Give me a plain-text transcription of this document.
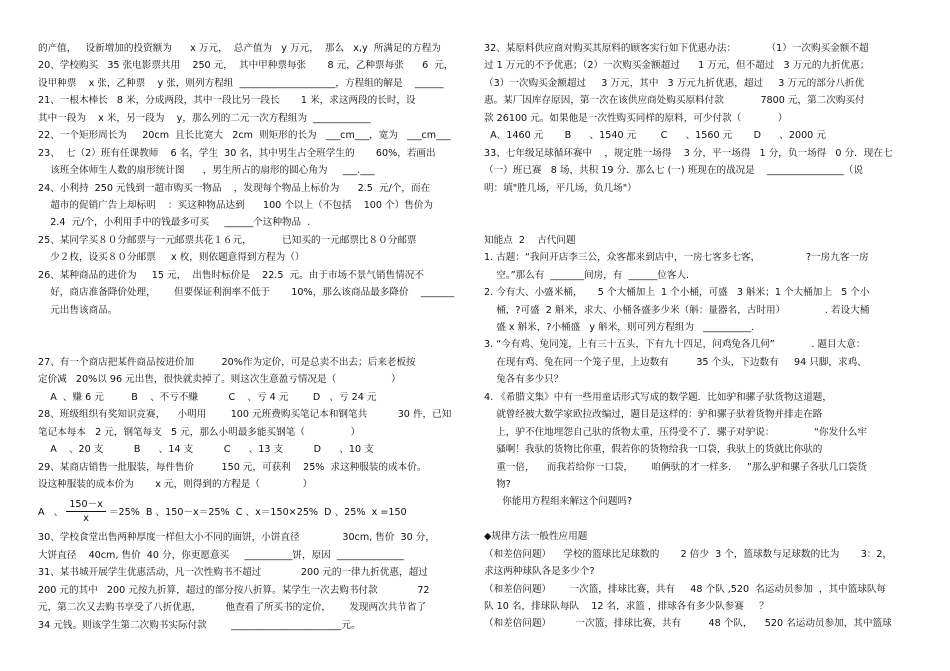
的产值，   设新增加的投资额为      x 万元，  总产值为   y 万元，  那么   x,y  所满足的方程为
20、学校购买   35 张电影票共用    250 元，  其中甲种票每张       8 元，乙种票每张      6  元，
设甲种票    x 张，乙种票    y 张，则列方程组  ____________________，方程组的解是    ______
21、一根木棒长   8 米，分成两段，其中一段比另一段长       1 米，求这两段的长时，设
其中一段为    x 米，另一段为    y，那么列的二元一次方程组为  ____________
22、一个矩形周长为     20cm  且长比宽大   2cm  则矩形的长为   ___cm___，宽为   ___cm___
23、  七（2）班有任课教师    6 名，学生  30 名，其中男生占全班学生的       60%，若画出
该班全体师生人数的扇形统计图      ，男生所占的扇形的圆心角为     ___.___
24、小利持  250 元钱到一超市购买一物品    ，发现每个物品上标价为      2.5  元/个，而在
超市的促销广告上却标明    ：买这种物品达到      100 个以上（不包括    100 个）售价为
2.4  元/个，小利用手中的钱最多可买     ______个这种物品  .
25、某同学买８０分邮票与一元邮票共花１６元，          已知买的一元邮票比８０分邮票
少２枚，设买８０分邮票     x 枚，则依题意得到方程为（）
26、某种商品的进价为     15 元，  出售时标价是    22.5  元。由于市场不景气销售情况不
好，商店准备降价处理，      但要保证利润率不低于       10%，那么该商品最多降价    _______
元出售该商品。
27、有一个商店把某件商品按进价加         20%作为定价，可是总卖不出去；后来老板按
定价减   20%以 96 元出售，很快就卖掉了。则这次生意盈亏情况是（                  ）
A  、赚 6 元         B    、不亏不赚          C    、亏 4 元        D   、亏 24 元
28、班级组织有奖知识竞赛，    小明用        100 元班费购买笔记本和钢笔共          30 件，已知
笔记本每本   2 元，钢笔每支   5 元，那么小明最多能买钢笔（               ）
A    、20 支          B      、14 支          C      、13 支          D      、10 支
29、某商店销售一批服装，每件售价         150 元，可获利    25%  求这种服装的成本价。
设这种服装的成本价为       x 元，则得到的方程是（              ）
A   、 $\frac{150-x}{x} =25\%$  B 、150－x＝25%  C 、x＝150×25%  D 、25%  x =150
30、学校食堂出售两种厚度一样但大小不同的面饼，小饼直径              30cm, 售价  30 分，
大饼直径    40cm, 售价  40 分，你更愿意买     __________饼，原因  ______________
31、某书城开展学生优惠活动，凡一次性购书不超过             200 元的一律九折优惠，超过
200 元的其中   200 元按九折算，超过的部分按八折算。某学生一次去购书付款             72
元，第二次又去购书享受了八折优惠，        他查看了所买书的定价，      发现两次共节省了
34 元钱。则该学生第二次购书实际付款        _______________________元。
32、某原料供应商对购买其原料的顾客实行如下优惠办法：          （1）一次购买金额不超
过 1 万元的不予优惠；（2）一次购买金额超过      1 万元，但不超过   3 万元的九折优惠；
（3）一次购买金额超过     3 万元，其中   3 万元九折优惠，超过     3 万元的部分八折优
惠。某厂因库存原因，第一次在该供应商处购买原料付款            7800 元，第二次购买付
款 26100 元。如果他是一次性购买同样的原料，可少付款（            ）
A、1460 元       B      、1540 元        C      、1560 元       D      、2000 元
33、七年级足球循环赛中    ，规定胜一场得    3 分，平一场得   1 分，负一场得   0 分．现在七
（一）班已赛   8 场，共积 19 分．那么七 (一) 班现在的战况是    ________________（说
明：填"胜几场，平几场，负几场"）
知能点  2    古代问题
1. 古题：“我问开店李三公，众客都来到店中，一房七客多七客，               ?一房九客一房
空。”那么有  _______间房，有  ______位客人.
2. 今有大、小盛米桶，     5 个大桶加上  1 个小桶，可盛   3 斛米；1 个大桶加上   5 个小
桶，?可盛  2 斛米，求大、小桶各盛多少米（斛：量器名，古时用）             . 若设大桶
盛 x 斛米，?小桶盛   y 斛米，则可列方程组为   __________.
3. “今有鸡、兔同笼，上有三十五头，下有九十四足，问鸡兔各几何”            . 题目大意：
在现有鸡、兔在同一个笼子里，上边数有         35 个头，下边数有     94 只脚，求鸡、
兔各有多少只？
4. 《希腊文集》中有一些用童话形式写成的数学题．比如驴和骡子驮货物这道题，
就曾经被大数学家欧拉改编过，题目是这样的：驴和骡子驮着货物并排走在路
上，驴不住地埋怨自己驮的货物太重，压得受不了．骡子对驴说：             “你发什么牢
骚啊！我驮的货物比你重，假若你的货物给我一口袋，我驮上的货就比你驮的
重一倍，    而我若给你一口袋，      咱俩驮的才一样多．   ”那么驴和骡子各驮几口袋货
物?
你能用方程组来解这个问题吗?
◆规律方法一般性应用题
（和差倍问题）    学校的篮球比足球数的       2 倍少  3 个，篮球数与足球数的比为       3：2，
求这两种球队各是多少个?
（和差倍问题）      一次篮，排球比赛，共有     48 个队 ,520  名运动员参加  ，其中篮球队每
队 10 名，排球队每队    12 名，求篮 ，排球各有多少队参赛     ？
（和差倍问题）        一次篮，排球比赛，共有         48 个队，    520 名运动员参加，其中篮球
